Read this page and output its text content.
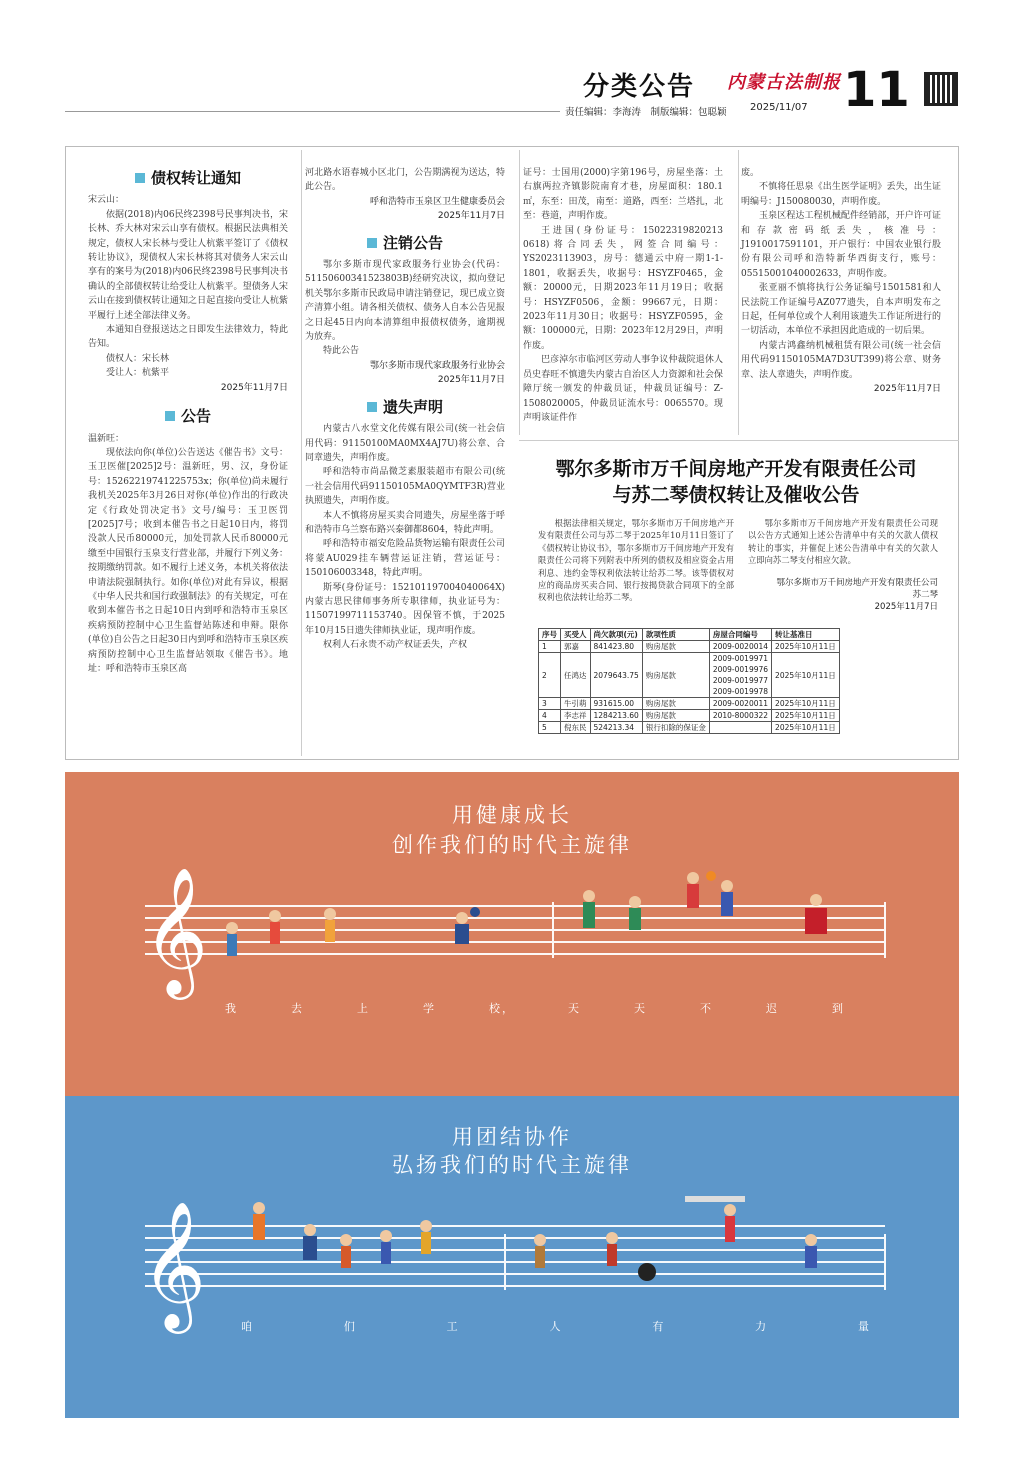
分类公告 内蒙古法制报 11
责任编辑：李海涛　制版编辑：包聪颖 2025/11/07
债权转让通知

宋云山：

依据(2018)内06民终2398号民事判决书，宋长林、乔大林对宋云山享有债权。根据民法典相关规定，债权人宋长林与受让人杭紫平签订了《债权转让协议》，现债权人宋长林将其对债务人宋云山享有的案号为(2018)内06民终2398号民事判决书确认的全部债权转让给受让人杭紫平。望债务人宋云山在接到债权转让通知之日起直接向受让人杭紫平履行上述全部法律义务。

本通知自登报送达之日即发生法律效力，特此告知。

债权人：宋长林

受让人：杭紫平

2025年11月7日
公告

温新旺：

现依法向你(单位)公告送达《催告书》文号：玉卫医催[2025]2号：温新旺，男、汉，身份证号：15262219741225753x；你(单位)尚未履行我机关2025年3月26日对你(单位)作出的行政决定《行政处罚决定书》文号/编号：玉卫医罚[2025]7号；收到本催告书之日起10日内，将罚没款人民币80000元，加处罚款人民币80000元缴至中国银行玉泉支行营业部，并履行下列义务：按期缴纳罚款。如不履行上述义务，本机关将依法申请法院强制执行。如你(单位)对此有异议，根据《中华人民共和国行政强制法》的有关规定，可在收到本催告书之日起10日内到呼和浩特市玉泉区疾病预防控制中心卫生监督站陈述和申辩。限你(单位)自公告之日起30日内到呼和浩特市玉泉区疾病预防控制中心卫生监督站领取《催告书》。地址：呼和浩特市玉泉区高

河北路水语春城小区北门，公告期满视为送达，特此公告。

呼和浩特市玉泉区卫生健康委员会
2025年11月7日
注销公告

鄂尔多斯市现代家政服务行业协会(代码：51150600341523803B)经研究决议，拟向登记机关鄂尔多斯市民政局申请注销登记，现已成立资产清算小组。请各相关债权、债务人自本公告见报之日起45日内向本清算组申报债权债务，逾期视为放弃。

特此公告

鄂尔多斯市现代家政服务行业协会
2025年11月7日
遗失声明

内蒙古八水堂文化传媒有限公司(统一社会信用代码：91150100MA0MX4AJ7U)将公章、合同章遗失，声明作废。

呼和浩特市尚品微芝素服装超市有限公司(统一社会信用代码91150105MA0QYMTF3R)营业执照遗失，声明作废。

本人不慎将房屋买卖合同遗失，房屋坐落于呼和浩特市乌兰察布路兴泰御都8604，特此声明。

呼和浩特市福安危险品货物运输有限责任公司将蒙AU029挂车辆营运证注销，营运证号：150106003348，特此声明。

斯琴(身份证号：152101197004040064X)内蒙古思民律师事务所专职律师，执业证号为：11507199711153740。因保管不慎，于2025年10月15日遗失律师执业证，现声明作废。

权利人石永贵不动产权证丢失，产权

证号：士国用(2000)字第196号，房屋坐落：土右旗两拉齐镇影院南育才巷，房屋面积：180.1㎡，东至：田茂，南至：道路，西至：兰塔扎，北至：巷道，声明作废。

王进国(身份证号：15022319820213 0618)将合同丢失，网签合同编号：YS2023113903，房号：德通云中府一期1-1-1801，收据丢失，收据号：HSYZF0465，金额：20000元，日期2023年11月19日；收据号：HSYZF0506，金额：99667元，日期：2023年11月30日；收据号：HSYZF0595，金额：100000元，日期：2023年12月29日，声明作废。

巴彦淖尔市临河区劳动人事争议仲裁院退休人员史春旺不慎遗失内蒙古自治区人力资源和社会保障厅统一颁发的仲裁员证，仲裁员证编号：Z-1508020005，仲裁员证流水号：0065570。现声明该证件作

废。

不慎将任思泉《出生医学证明》丢失，出生证明编号：J150080030，声明作废。

玉泉区程达工程机械配件经销部，开户许可证和存款密码纸丢失，核准号：J1910017591101，开户银行：中国农业银行股份有限公司呼和浩特新华西街支行，账号：05515001040002633，声明作废。

张亚丽不慎将执行公务证编号1501581和人民法院工作证编号AZ077遗失，自本声明发布之日起，任何单位或个人利用该遗失工作证所进行的一切活动，本单位不承担因此造成的一切后果。

内蒙古鸿鑫纳机械租赁有限公司(统一社会信用代码91150105MA7D3UT399)将公章、财务章、法人章遗失，声明作废。

2025年11月7日
鄂尔多斯市万千间房地产开发有限责任公司
与苏二琴债权转让及催收公告

根据法律相关规定，鄂尔多斯市万千间房地产开发有限责任公司与苏二琴于2025年10月11日签订了《债权转让协议书》，鄂尔多斯市万千间房地产开发有限责任公司将下列附表中所列的债权及相应资金占用利息、违约金等权利依法转让给苏二琴。该等债权对应的商品房买卖合同、银行按揭贷款合同项下的全部权利也依法转让给苏二琴。

鄂尔多斯市万千间房地产开发有限责任公司现以公告方式通知上述公告清单中有关的欠款人债权转让的事实，并催促上述公告清单中有关的欠款人立即向苏二琴支付相应欠款。

鄂尔多斯市万千间房地产开发有限责任公司
苏二琴
2025年11月7日
序号	买受人	尚欠款项(元)	款项性质	房屋合同编号	转让基准日
1	郭嘉	841423.80	购房尾款	2009-0020014	2025年10月11日
2	任鸿达	2079643.75	购房尾款	2009-0019971
2009-0019976
2009-0019977
2009-0019978	2025年10月11日
3	牛引萌	931615.00	购房尾款	2009-0020011	2025年10月11日
4	李志祥	1284213.60	购房尾款	2010-8000322	2025年10月11日
5	倪东民	524213.34	银行扣除的保证金		2025年10月11日
用健康成长
创作我们的时代主旋律
𝄞
我	去	上	学	校，	天	天	不	迟	到
用团结协作
弘扬我们的时代主旋律
𝄞	咱	们	工	人	有	力	量
